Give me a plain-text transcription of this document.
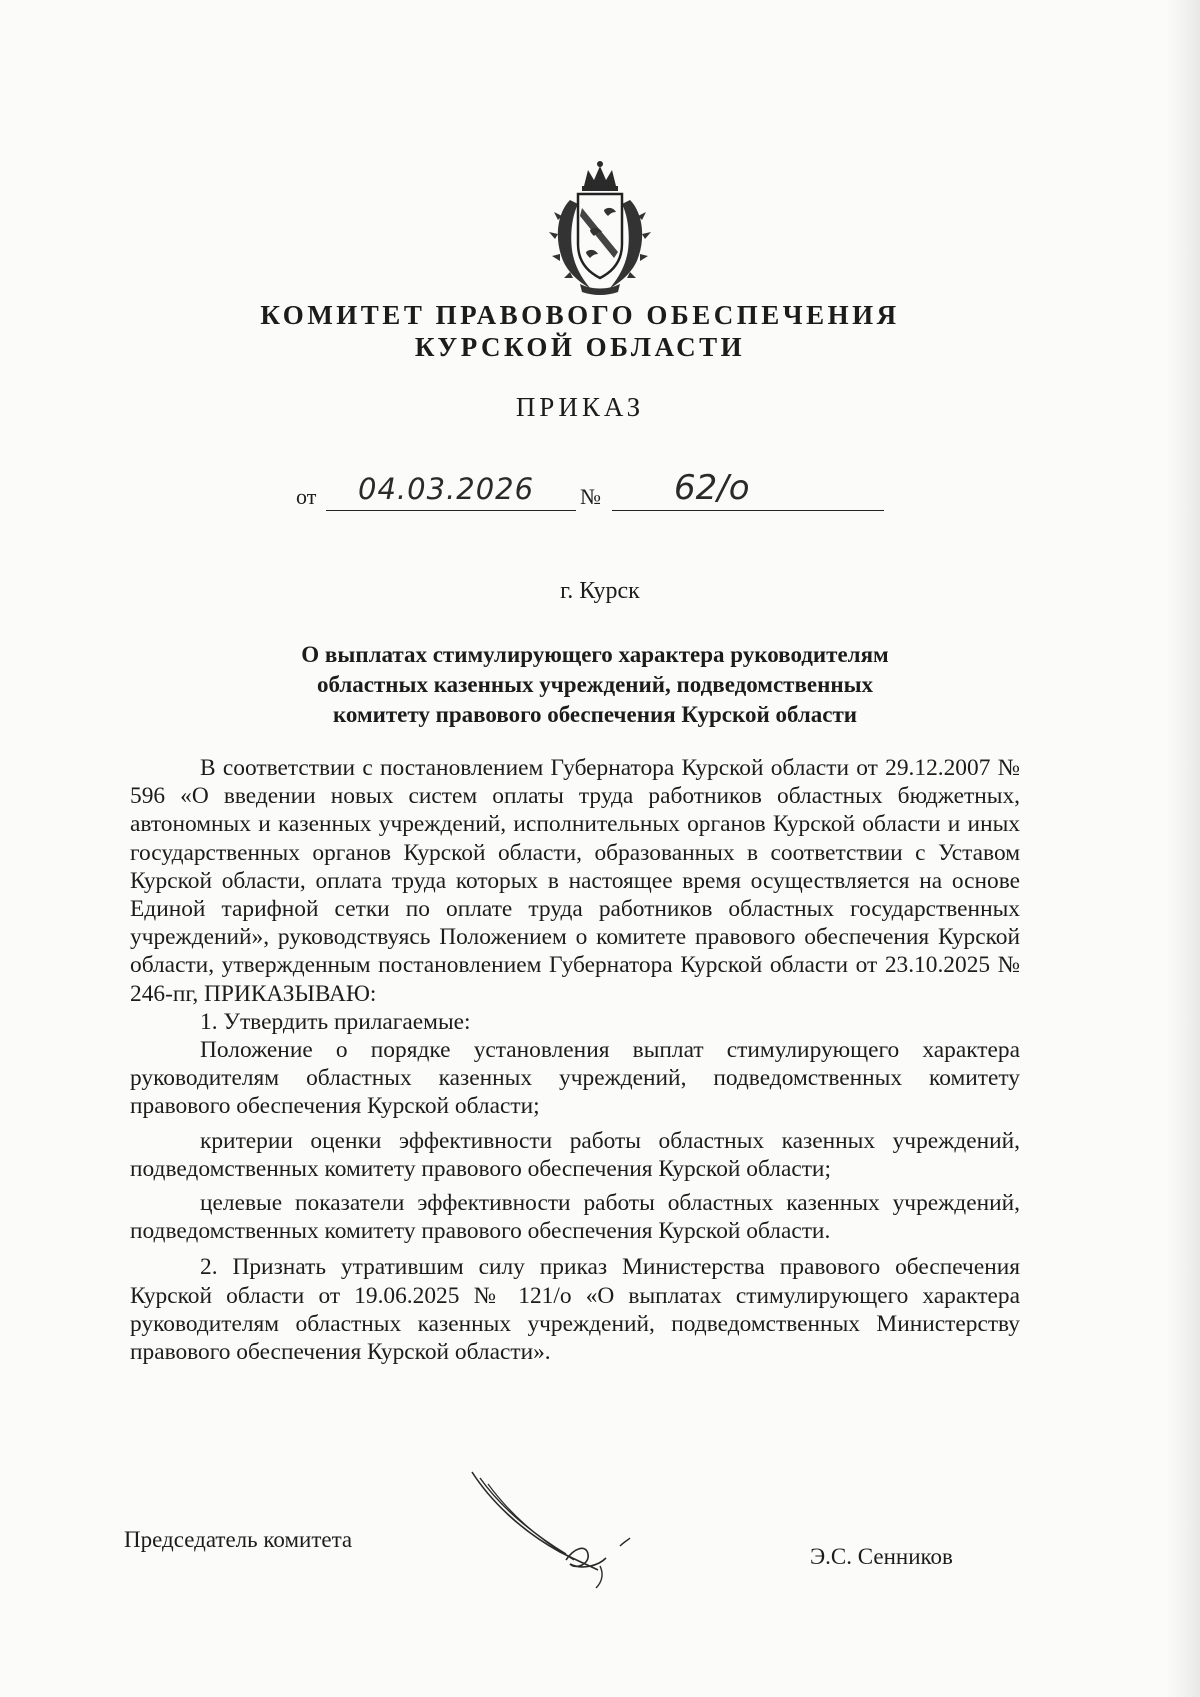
КОМИТЕТ ПРАВОВОГО ОБЕСПЕЧЕНИЯ
КУРСКОЙ ОБЛАСТИ
ПРИКАЗ
от 04.03.2026 № 62/о
г. Курск
О выплатах стимулирующего характера руководителям
областных казенных учреждений, подведомственных
комитету правового обеспечения Курской области

В соответствии с постановлением Губернатора Курской области от 29.12.2007 № 596 «О введении новых систем оплаты труда работников областных бюджетных, автономных и казенных учреждений, исполнительных органов Курской области и иных государственных органов Курской области, образованных в соответствии с Уставом Курской области, оплата труда которых в настоящее время осуществляется на основе Единой тарифной сетки по оплате труда работников областных государственных учреждений», руководствуясь Положением о комитете правового обеспечения Курской области, утвержденным постановлением Губернатора Курской области от 23.10.2025 № 246-пг, ПРИКАЗЫВАЮ:

1. Утвердить прилагаемые:

Положение о порядке установления выплат стимулирующего характера руководителям областных казенных учреждений, подведомственных комитету правового обеспечения Курской области;

критерии оценки эффективности работы областных казенных учреждений, подведомственных комитету правового обеспечения Курской области;

целевые показатели эффективности работы областных казенных учреждений, подведомственных комитету правового обеспечения Курской области.

2. Признать утратившим силу приказ Министерства правового обеспечения Курской области от 19.06.2025 № 121/о «О выплатах стимулирующего характера руководителям областных казенных учреждений, подведомственных Министерству правового обеспечения Курской области».

Председатель комитета
Э.С. Сенников
